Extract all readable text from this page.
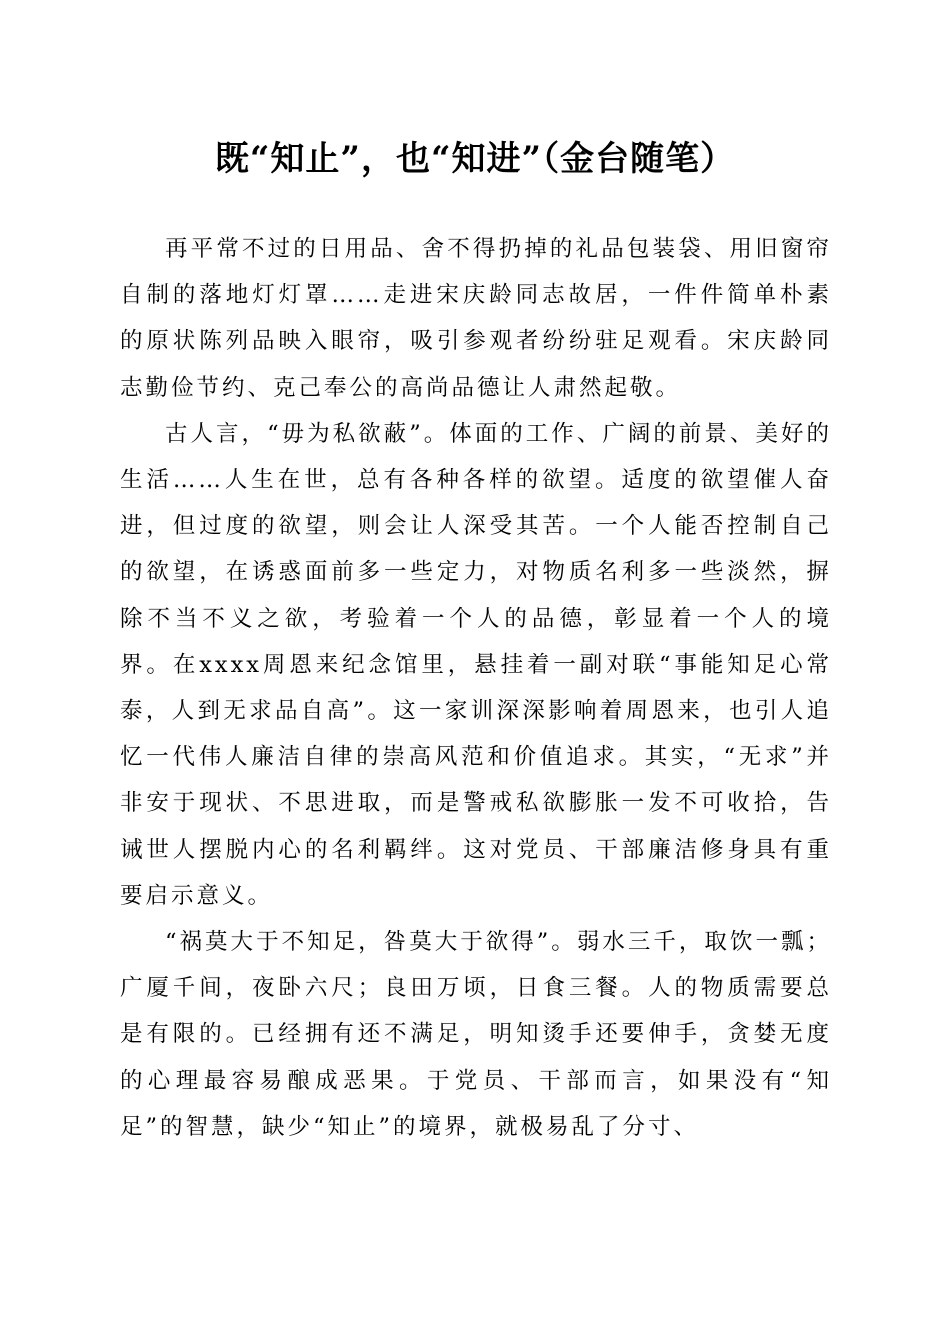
既“知止”，也“知进”（金台随笔）

再平常不过的日用品、舍不得扔掉的礼品包装袋、用旧窗帘自制的落地灯灯罩……走进宋庆龄同志故居，一件件简单朴素的原状陈列品映入眼帘，吸引参观者纷纷驻足观看。宋庆龄同志勤俭节约、克己奉公的高尚品德让人肃然起敬。

古人言，“毋为私欲蔽”。体面的工作、广阔的前景、美好的生活……人生在世，总有各种各样的欲望。适度的欲望催人奋进，但过度的欲望，则会让人深受其苦。一个人能否控制自己的欲望，在诱惑面前多一些定力，对物质名利多一些淡然，摒除不当不义之欲，考验着一个人的品德，彰显着一个人的境界。在xxxx周恩来纪念馆里，悬挂着一副对联“事能知足心常泰，人到无求品自高”。这一家训深深影响着周恩来，也引人追忆一代伟人廉洁自律的崇高风范和价值追求。其实，“无求”并非安于现状、不思进取，而是警戒私欲膨胀一发不可收拾，告诫世人摆脱内心的名利羁绊。这对党员、干部廉洁修身具有重要启示意义。

“祸莫大于不知足，咎莫大于欲得”。弱水三千，取饮一瓢；广厦千间，夜卧六尺；良田万顷，日食三餐。人的物质需要总是有限的。已经拥有还不满足，明知烫手还要伸手，贪婪无度的心理最容易酿成恶果。于党员、干部而言，如果没有“知足”的智慧，缺少“知止”的境界，就极易乱了分寸、
